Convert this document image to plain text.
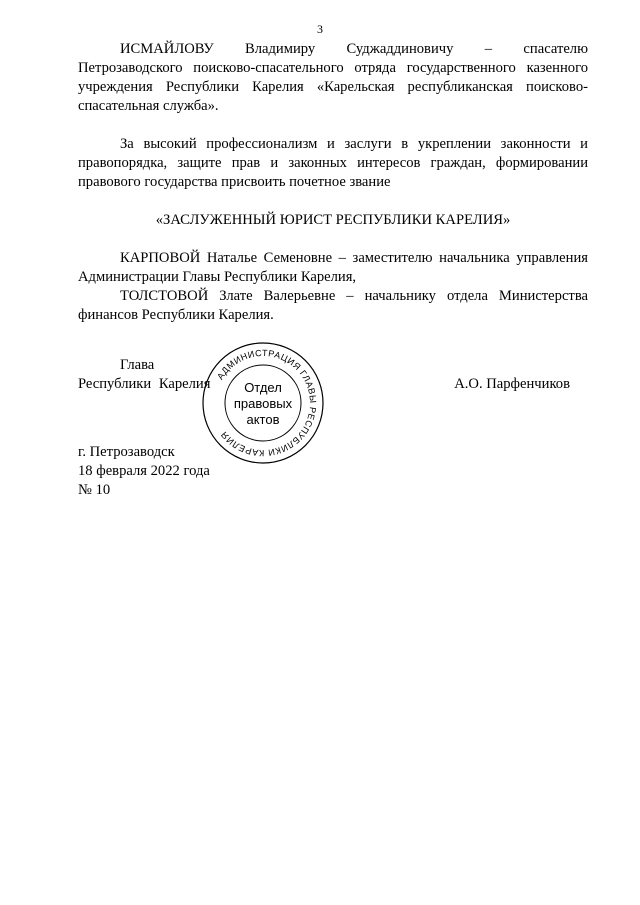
3

ИСМАЙЛОВУ Владимиру Суджаддиновичу – спасателю

Петрозаводского поисково-спасательного отряда государственного казенного учреждения Республики Карелия «Карельская республиканская поисково-спасательная служба».

За высокий профессионализм и заслуги в укреплении законности и правопорядка, защите прав и законных интересов граждан, формировании правового государства присвоить почетное звание

«ЗАСЛУЖЕННЫЙ ЮРИСТ РЕСПУБЛИКИ КАРЕЛИЯ»

КАРПОВОЙ Наталье Семеновне – заместителю начальника управления Администрации Главы Республики Карелия,

ТОЛСТОВОЙ Злате Валерьевне – начальнику отдела Министерства финансов Республики Карелия.

Глава
Республики Карелия	А.О. Парфенчиков
АДМИНИСТРАЦИЯ ГЛАВЫ РЕСПУБЛИКИ КАРЕЛИЯ
Отдел
правовых
актов
г. Петрозаводск
18 февраля 2022 года
№ 10
